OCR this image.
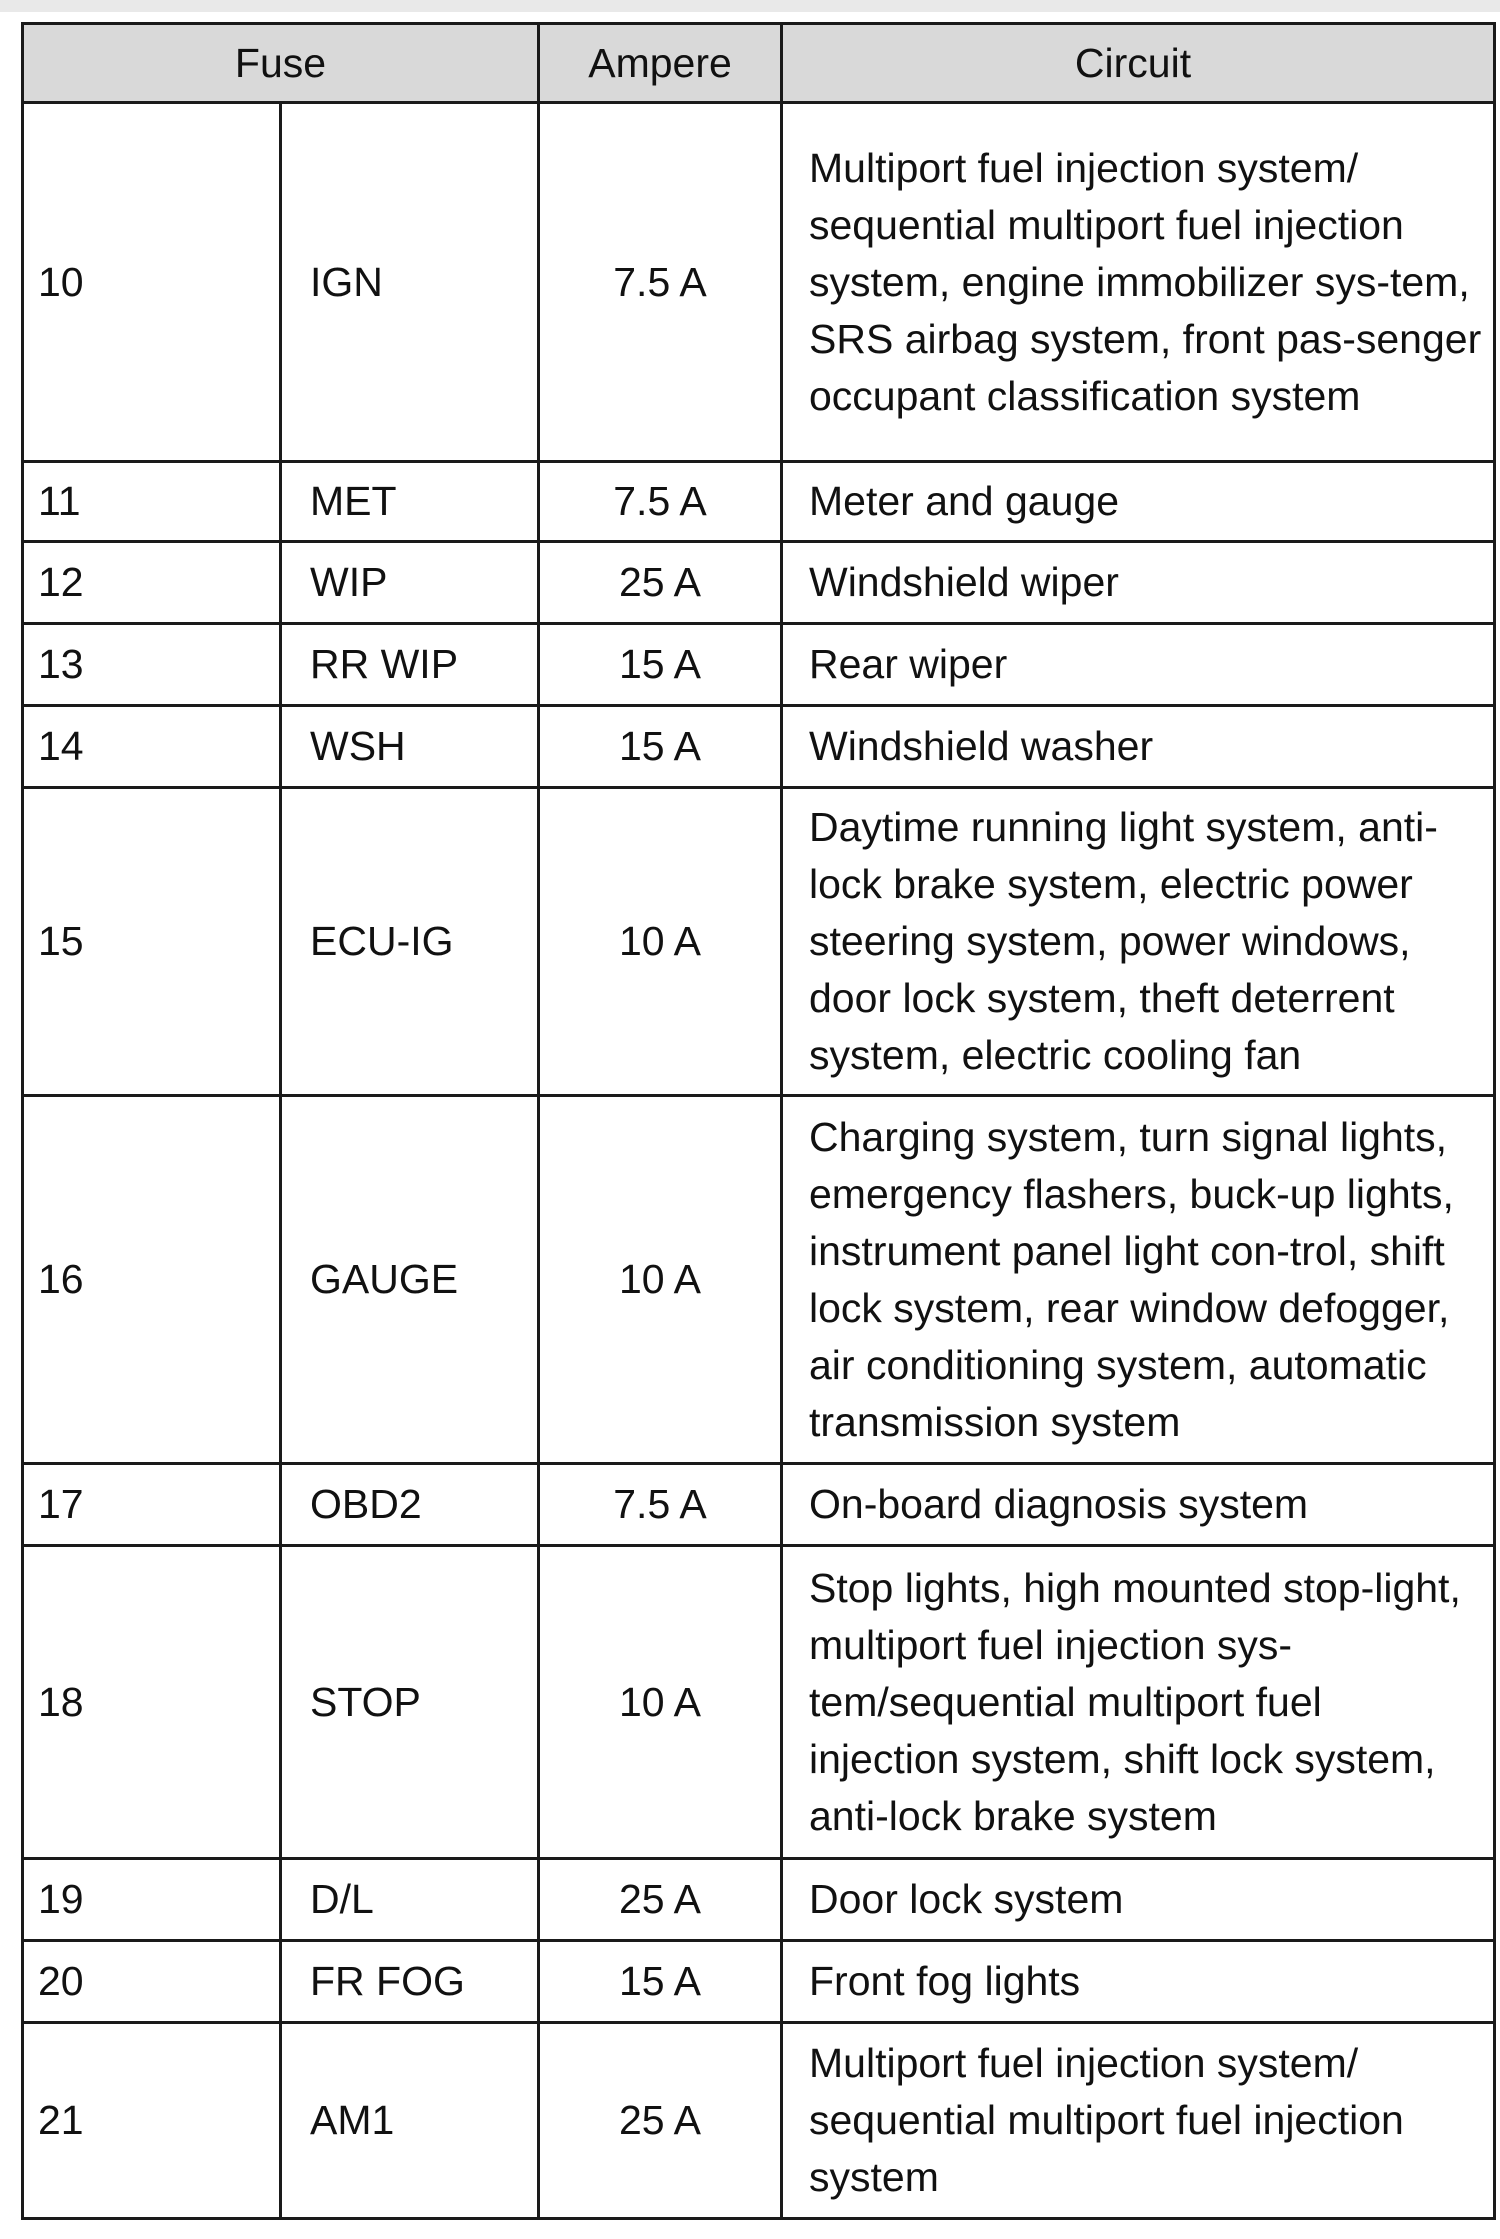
Fuse		Ampere	Circuit
10	IGN	7.5 A	Multiport fuel injection system/ sequential multiport fuel injection system, engine immobilizer sys-tem, SRS airbag system, front pas-senger occupant classification system
11	MET	7.5 A	Meter and gauge
12	WIP	25 A	Windshield wiper
13	RR WIP	15 A	Rear wiper
14	WSH	15 A	Windshield washer
15	ECU-IG	10 A	Daytime running light system, anti-lock brake system, electric power steering system, power windows, door lock system, theft deterrent system, electric cooling fan
16	GAUGE	10 A	Charging system, turn signal lights, emergency flashers, buck-up lights, instrument panel light con-trol, shift lock system, rear window defogger, air conditioning system, automatic transmission system
17	OBD2	7.5 A	On-board diagnosis system
18	STOP	10 A	Stop lights, high mounted stop-light, multiport fuel injection sys-tem/sequential multiport fuel injection system, shift lock system, anti-lock brake system
19	D/L	25 A	Door lock system
20	FR FOG	15 A	Front fog lights
21	AM1	25 A	Multiport fuel injection system/ sequential multiport fuel injection system
